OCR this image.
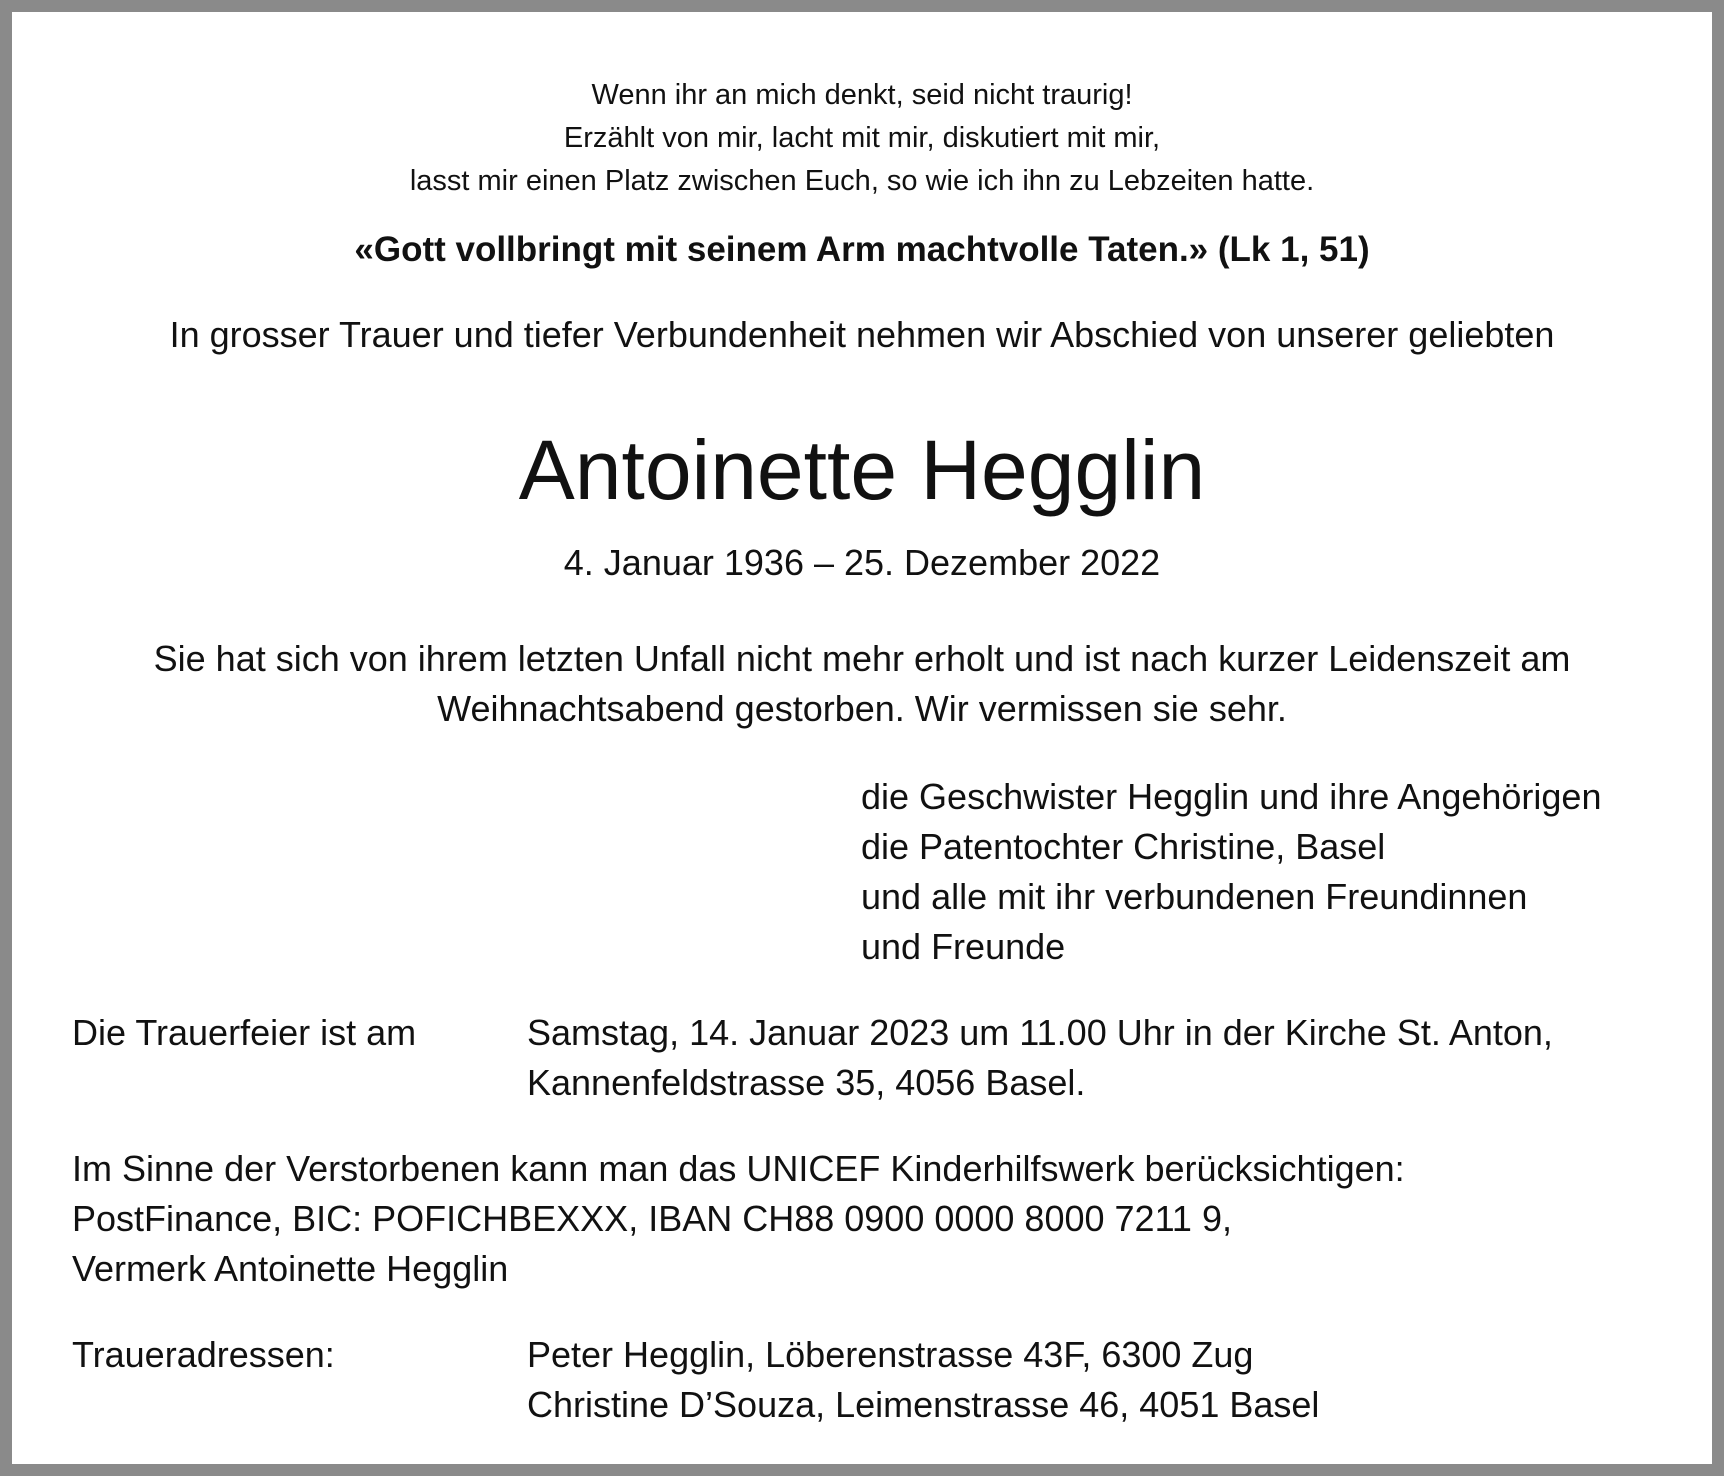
Wenn ihr an mich denkt, seid nicht traurig!
Erzählt von mir, lacht mit mir, diskutiert mit mir,
lasst mir einen Platz zwischen Euch, so wie ich ihn zu Lebzeiten hatte.
«Gott vollbringt mit seinem Arm machtvolle Taten.» (Lk 1, 51)
In grosser Trauer und tiefer Verbundenheit nehmen wir Abschied von unserer geliebten
Antoinette Hegglin
4. Januar 1936 – 25. Dezember 2022
Sie hat sich von ihrem letzten Unfall nicht mehr erholt und ist nach kurzer Leidenszeit am
Weihnachtsabend gestorben. Wir vermissen sie sehr.
die Geschwister Hegglin und ihre Angehörigen
die Patentochter Christine, Basel
und alle mit ihr verbundenen Freundinnen
und Freunde
Die Trauerfeier ist am	Samstag, 14. Januar 2023 um 11.00 Uhr in der Kirche St. Anton,
Kannenfeldstrasse 35, 4056 Basel.
Im Sinne der Verstorbenen kann man das UNICEF Kinderhilfswerk berücksichtigen:
PostFinance, BIC: POFICHBEXXX, IBAN CH88 0900 0000 8000 7211 9,
Vermerk Antoinette Hegglin
Traueradressen:	Peter Hegglin, Löberenstrasse 43F, 6300 Zug
Christine D’Souza, Leimenstrasse 46, 4051 Basel
